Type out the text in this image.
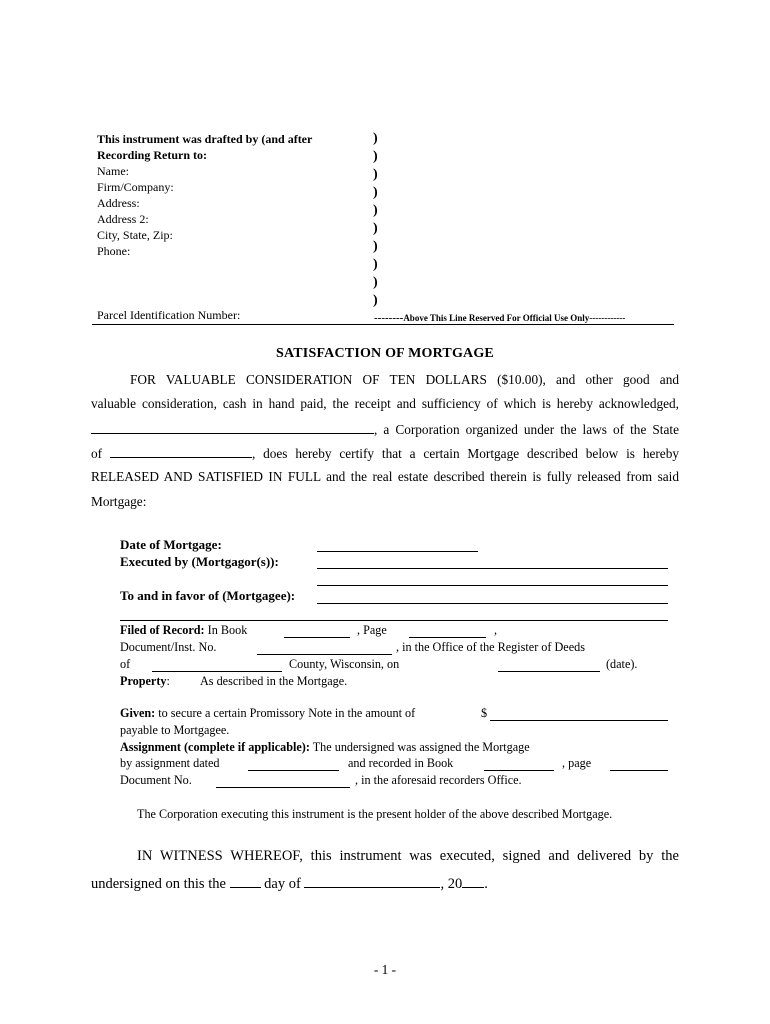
This instrument was drafted by (and after
Recording Return to:
Name:
Firm/Company:
Address:
Address 2:
City, State, Zip:
Phone:
Parcel Identification Number:
)
)
)
)
)
)
)
)
)
)
--------Above This Line Reserved For Official Use Only------------
SATISFACTION OF MORTGAGE
FOR VALUABLE CONSIDERATION OF TEN DOLLARS ($10.00), and other good and
valuable consideration, cash in hand paid, the receipt and sufficiency of which is hereby acknowledged,
, a Corporation organized under the laws of the State
of	, does hereby certify that a certain Mortgage described below is hereby
RELEASED AND SATISFIED IN FULL and the real estate described therein is fully released from said
Mortgage:
Date of Mortgage:
Executed by (Mortgagor(s)):
To and in favor of (Mortgagee):
Filed of Record: In Book	, Page	,
Document/Inst. No.	, in the Office of the Register of Deeds
of	County, Wisconsin, on	(date).
Property: As described in the Mortgage.
Given: to secure a certain Promissory Note in the amount of	$
payable to Mortgagee.
Assignment (complete if applicable): The undersigned was assigned the Mortgage
by assignment dated	and recorded in Book	, page
Document No.	, in the aforesaid recorders Office.
The Corporation executing this instrument is the present holder of the above described Mortgage.
IN WITNESS WHEREOF, this instrument was executed, signed and delivered by the
undersigned on this the	day of	, 20 .
- 1 -
